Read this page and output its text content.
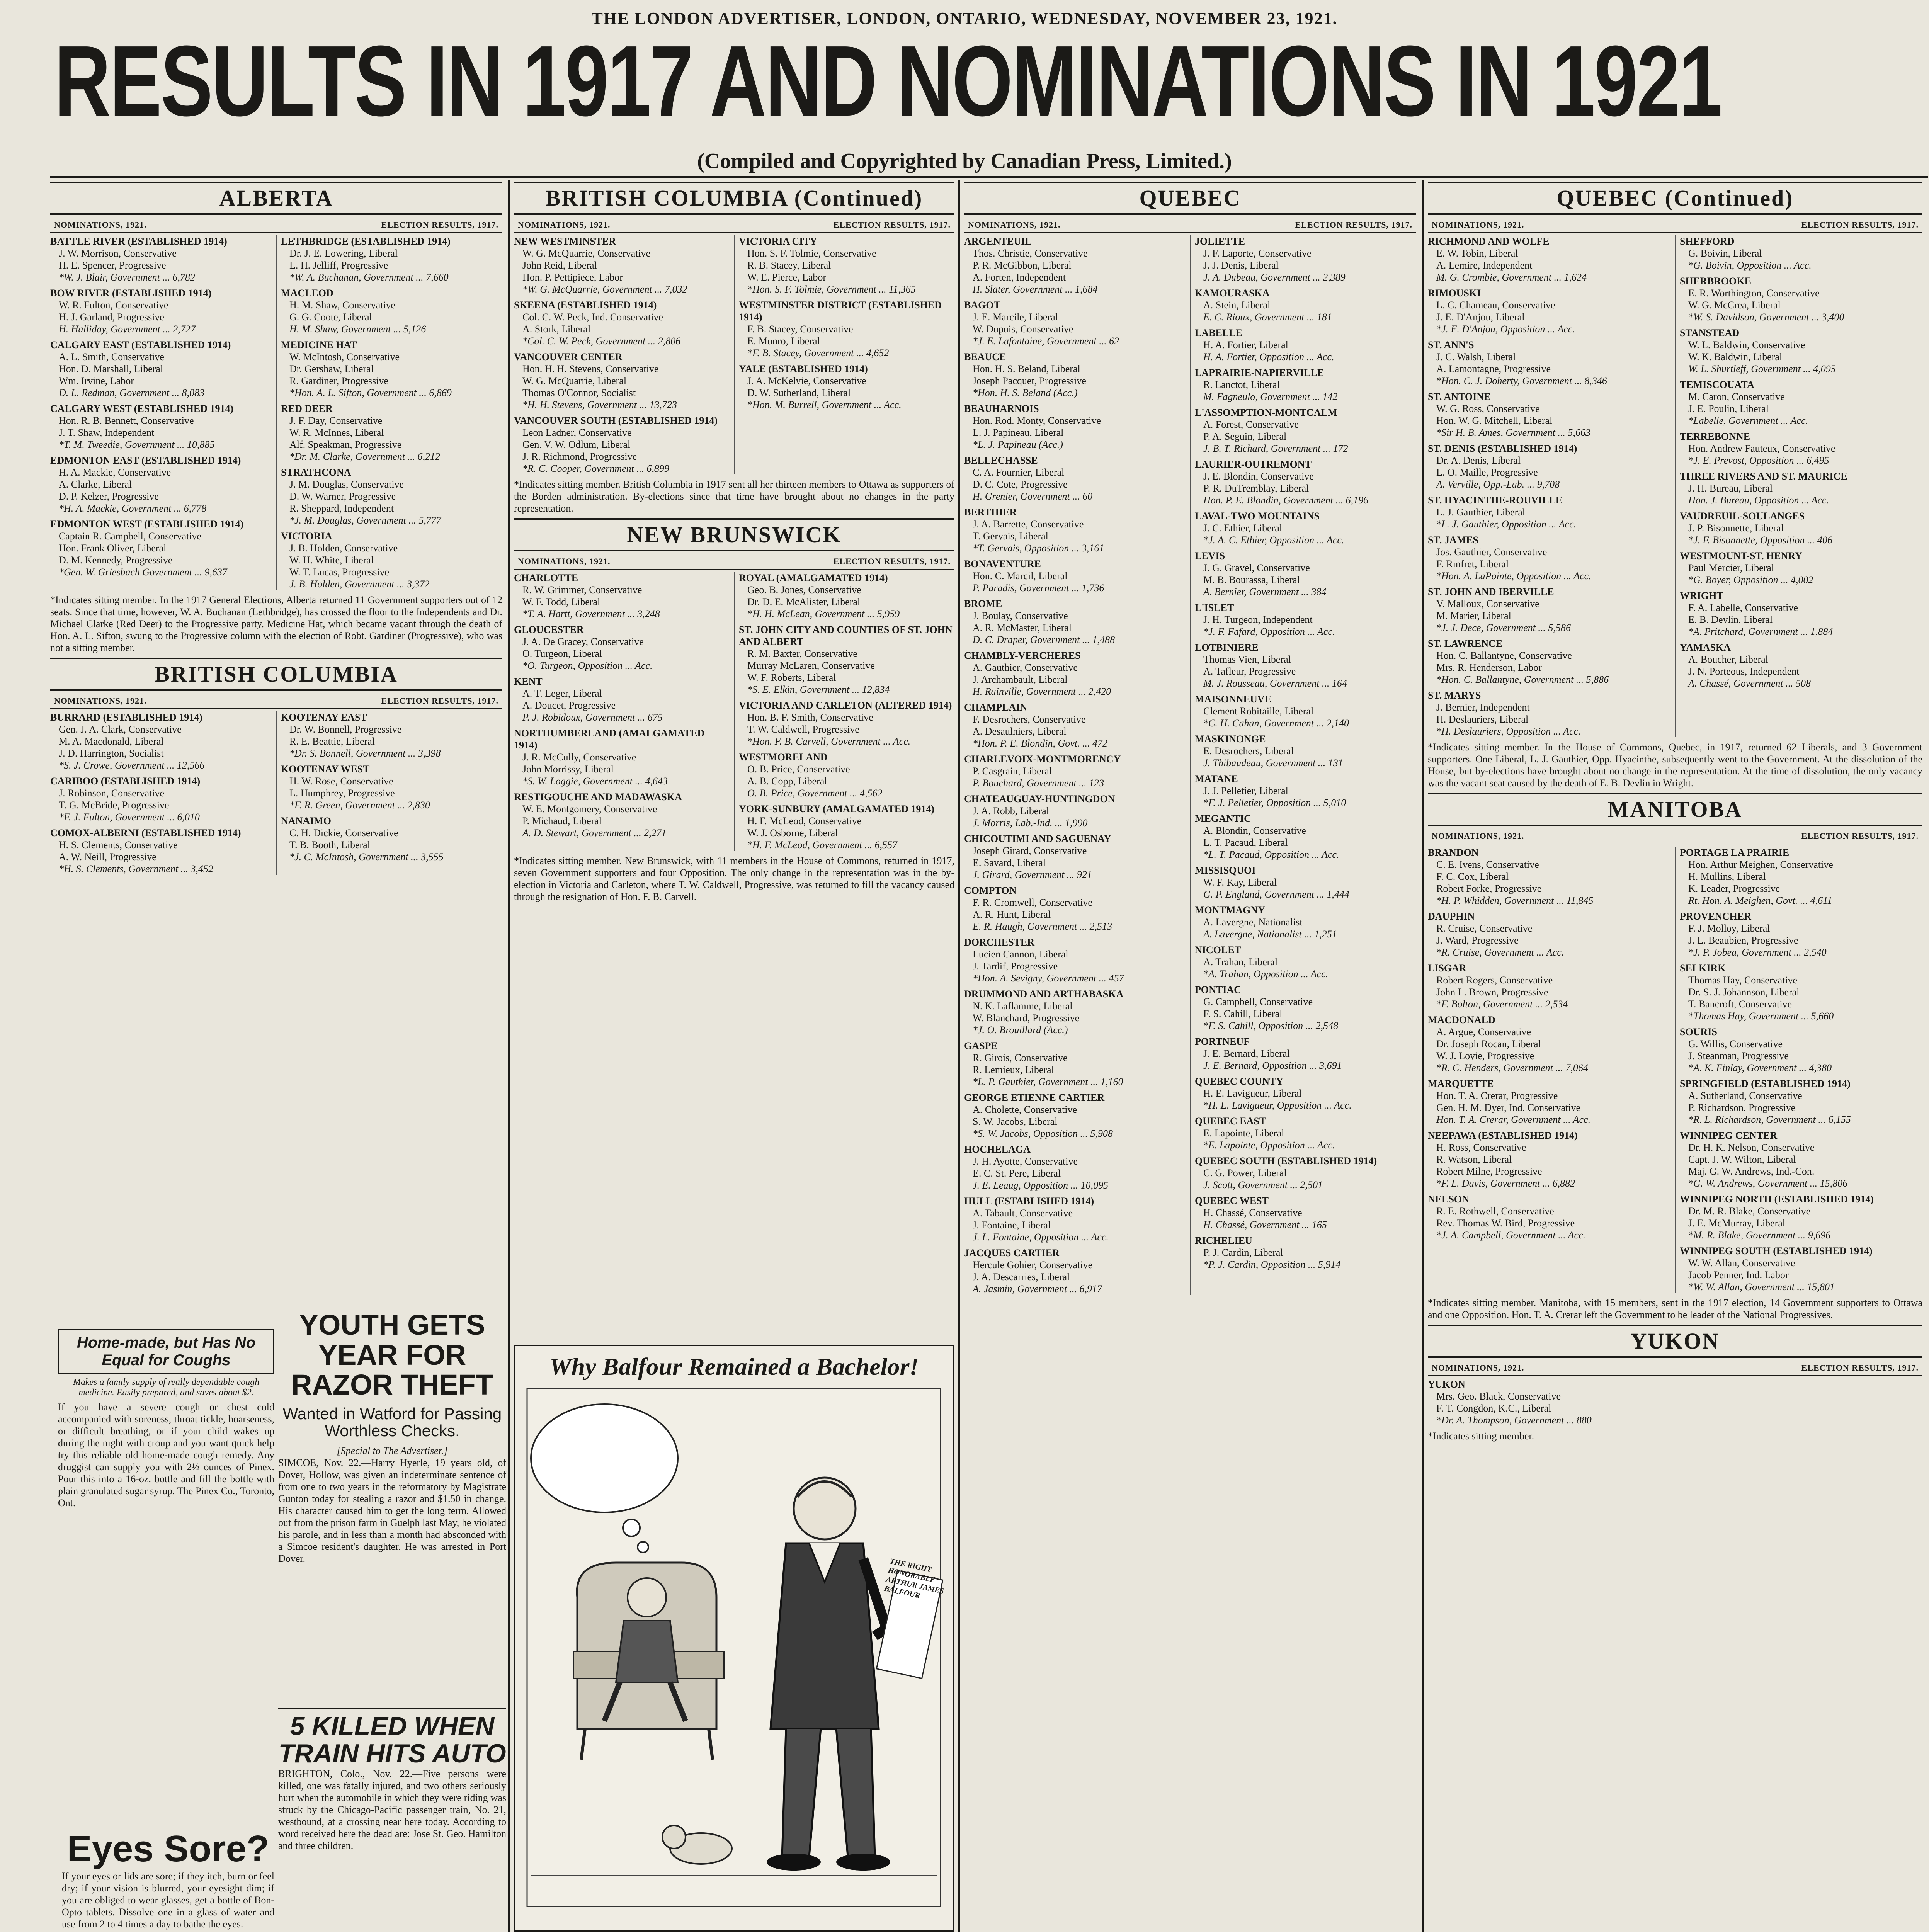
THE LONDON ADVERTISER, LONDON, ONTARIO, WEDNESDAY, NOVEMBER 23, 1921.
RESULTS IN 1917 AND NOMINATIONS IN 1921
(Compiled and Copyrighted by Canadian Press, Limited.)
ALBERTA
NOMINATIONS, 1921.	ELECTION RESULTS, 1917.
BATTLE RIVER (ESTABLISHED 1914)
J. W. Morrison, Conservative
H. E. Spencer, Progressive
*W. J. Blair, Government ... 6,782
BOW RIVER (ESTABLISHED 1914)
W. R. Fulton, Conservative
H. J. Garland, Progressive
H. Halliday, Government ... 2,727
CALGARY EAST (ESTABLISHED 1914)
A. L. Smith, Conservative
Hon. D. Marshall, Liberal
Wm. Irvine, Labor
D. L. Redman, Government ... 8,083
CALGARY WEST (ESTABLISHED 1914)
Hon. R. B. Bennett, Conservative
J. T. Shaw, Independent
*T. M. Tweedie, Government ... 10,885
EDMONTON EAST (ESTABLISHED 1914)
H. A. Mackie, Conservative
A. Clarke, Liberal
D. P. Kelzer, Progressive
*H. A. Mackie, Government ... 6,778
EDMONTON WEST (ESTABLISHED 1914)
Captain R. Campbell, Conservative
Hon. Frank Oliver, Liberal
D. M. Kennedy, Progressive
*Gen. W. Griesbach Government ... 9,637
LETHBRIDGE (ESTABLISHED 1914)
Dr. J. E. Lowering, Liberal
L. H. Jelliff, Progressive
*W. A. Buchanan, Government ... 7,660
MACLEOD
H. M. Shaw, Conservative
G. G. Coote, Liberal
H. M. Shaw, Government ... 5,126
MEDICINE HAT
W. McIntosh, Conservative
Dr. Gershaw, Liberal
R. Gardiner, Progressive
*Hon. A. L. Sifton, Government ... 6,869
RED DEER
J. F. Day, Conservative
W. R. McInnes, Liberal
Alf. Speakman, Progressive
*Dr. M. Clarke, Government ... 6,212
STRATHCONA
J. M. Douglas, Conservative
D. W. Warner, Progressive
R. Sheppard, Independent
*J. M. Douglas, Government ... 5,777
VICTORIA
J. B. Holden, Conservative
W. H. White, Liberal
W. T. Lucas, Progressive
J. B. Holden, Government ... 3,372
*Indicates sitting member. In the 1917 General Elections, Alberta returned 11 Government supporters out of 12 seats. Since that time, however, W. A. Buchanan (Lethbridge), has crossed the floor to the Independents and Dr. Michael Clarke (Red Deer) to the Progressive party. Medicine Hat, which became vacant through the death of Hon. A. L. Sifton, swung to the Progressive column with the election of Robt. Gardiner (Progressive), who was not a sitting member.
BRITISH COLUMBIA
NOMINATIONS, 1921.	ELECTION RESULTS, 1917.
BURRARD (ESTABLISHED 1914)
Gen. J. A. Clark, Conservative
M. A. Macdonald, Liberal
J. D. Harrington, Socialist
*S. J. Crowe, Government ... 12,566
CARIBOO (ESTABLISHED 1914)
J. Robinson, Conservative
T. G. McBride, Progressive
*F. J. Fulton, Government ... 6,010
COMOX-ALBERNI (ESTABLISHED 1914)
H. S. Clements, Conservative
A. W. Neill, Progressive
*H. S. Clements, Government ... 3,452
KOOTENAY EAST
Dr. W. Bonnell, Progressive
R. E. Beattie, Liberal
*Dr. S. Bonnell, Government ... 3,398
KOOTENAY WEST
H. W. Rose, Conservative
L. Humphrey, Progressive
*F. R. Green, Government ... 2,830
NANAIMO
C. H. Dickie, Conservative
T. B. Booth, Liberal
*J. C. McIntosh, Government ... 3,555
BRITISH COLUMBIA (Continued)
NOMINATIONS, 1921.	ELECTION RESULTS, 1917.
NEW WESTMINSTER
W. G. McQuarrie, Conservative
John Reid, Liberal
Hon. P. Pettipiece, Labor
*W. G. McQuarrie, Government ... 7,032
SKEENA (ESTABLISHED 1914)
Col. C. W. Peck, Ind. Conservative
A. Stork, Liberal
*Col. C. W. Peck, Government ... 2,806
VANCOUVER CENTER
Hon. H. H. Stevens, Conservative
W. G. McQuarrie, Liberal
Thomas O'Connor, Socialist
*H. H. Stevens, Government ... 13,723
VANCOUVER SOUTH (ESTABLISHED 1914)
Leon Ladner, Conservative
Gen. V. W. Odlum, Liberal
J. R. Richmond, Progressive
*R. C. Cooper, Government ... 6,899
VICTORIA CITY
Hon. S. F. Tolmie, Conservative
R. B. Stacey, Liberal
W. E. Pierce, Labor
*Hon. S. F. Tolmie, Government ... 11,365
WESTMINSTER DISTRICT (ESTABLISHED 1914)
F. B. Stacey, Conservative
E. Munro, Liberal
*F. B. Stacey, Government ... 4,652
YALE (ESTABLISHED 1914)
J. A. McKelvie, Conservative
D. W. Sutherland, Liberal
*Hon. M. Burrell, Government ... Acc.
*Indicates sitting member. British Columbia in 1917 sent all her thirteen members to Ottawa as supporters of the Borden administration. By-elections since that time have brought about no changes in the party representation.
NEW BRUNSWICK
NOMINATIONS, 1921.	ELECTION RESULTS, 1917.
CHARLOTTE
R. W. Grimmer, Conservative
W. F. Todd, Liberal
*T. A. Hartt, Government ... 3,248
GLOUCESTER
J. A. De Gracey, Conservative
O. Turgeon, Liberal
*O. Turgeon, Opposition ... Acc.
KENT
A. T. Leger, Liberal
A. Doucet, Progressive
P. J. Robidoux, Government ... 675
NORTHUMBERLAND (AMALGAMATED 1914)
J. R. McCully, Conservative
John Morrissy, Liberal
*S. W. Loggie, Government ... 4,643
RESTIGOUCHE AND MADAWASKA
W. E. Montgomery, Conservative
P. Michaud, Liberal
A. D. Stewart, Government ... 2,271
ROYAL (AMALGAMATED 1914)
Geo. B. Jones, Conservative
Dr. D. E. McAlister, Liberal
*H. H. McLean, Government ... 5,959
ST. JOHN CITY AND COUNTIES OF ST. JOHN AND ALBERT
R. M. Baxter, Conservative
Murray McLaren, Conservative
W. F. Roberts, Liberal
*S. E. Elkin, Government ... 12,834
VICTORIA AND CARLETON (ALTERED 1914)
Hon. B. F. Smith, Conservative
T. W. Caldwell, Progressive
*Hon. F. B. Carvell, Government ... Acc.
WESTMORELAND
O. B. Price, Conservative
A. B. Copp, Liberal
O. B. Price, Government ... 4,562
YORK-SUNBURY (AMALGAMATED 1914)
H. F. McLeod, Conservative
W. J. Osborne, Liberal
*H. F. McLeod, Government ... 6,557
*Indicates sitting member. New Brunswick, with 11 members in the House of Commons, returned in 1917, seven Government supporters and four Opposition. The only change in the representation was in the by-election in Victoria and Carleton, where T. W. Caldwell, Progressive, was returned to fill the vacancy caused through the resignation of Hon. F. B. Carvell.
QUEBEC
NOMINATIONS, 1921.	ELECTION RESULTS, 1917.
ARGENTEUIL
Thos. Christie, Conservative
P. R. McGibbon, Liberal
A. Forten, Independent
H. Slater, Government ... 1,684
BAGOT
J. E. Marcile, Liberal
W. Dupuis, Conservative
*J. E. Lafontaine, Government ... 62
BEAUCE
Hon. H. S. Beland, Liberal
Joseph Pacquet, Progressive
*Hon. H. S. Beland (Acc.)
BEAUHARNOIS
Hon. Rod. Monty, Conservative
L. J. Papineau, Liberal
*L. J. Papineau (Acc.)
BELLECHASSE
C. A. Fournier, Liberal
D. C. Cote, Progressive
H. Grenier, Government ... 60
BERTHIER
J. A. Barrette, Conservative
T. Gervais, Liberal
*T. Gervais, Opposition ... 3,161
BONAVENTURE
Hon. C. Marcil, Liberal
P. Paradis, Government ... 1,736
BROME
J. Boulay, Conservative
A. R. McMaster, Liberal
D. C. Draper, Government ... 1,488
CHAMBLY-VERCHERES
A. Gauthier, Conservative
J. Archambault, Liberal
H. Rainville, Government ... 2,420
CHAMPLAIN
F. Desrochers, Conservative
A. Desaulniers, Liberal
*Hon. P. E. Blondin, Govt. ... 472
CHARLEVOIX-MONTMORENCY
P. Casgrain, Liberal
P. Bouchard, Government ... 123
CHATEAUGUAY-HUNTINGDON
J. A. Robb, Liberal
J. Morris, Lab.-Ind. ... 1,990
CHICOUTIMI AND SAGUENAY
Joseph Girard, Conservative
E. Savard, Liberal
J. Girard, Government ... 921
COMPTON
F. R. Cromwell, Conservative
A. R. Hunt, Liberal
E. R. Haugh, Government ... 2,513
DORCHESTER
Lucien Cannon, Liberal
J. Tardif, Progressive
*Hon. A. Sevigny, Government ... 457
DRUMMOND AND ARTHABASKA
N. K. Laflamme, Liberal
W. Blanchard, Progressive
*J. O. Brouillard (Acc.)
GASPE
R. Girois, Conservative
R. Lemieux, Liberal
*L. P. Gauthier, Government ... 1,160
GEORGE ETIENNE CARTIER
A. Cholette, Conservative
S. W. Jacobs, Liberal
*S. W. Jacobs, Opposition ... 5,908
HOCHELAGA
J. H. Ayotte, Conservative
E. C. St. Pere, Liberal
J. E. Leaug, Opposition ... 10,095
HULL (ESTABLISHED 1914)
A. Tabault, Conservative
J. Fontaine, Liberal
J. L. Fontaine, Opposition ... Acc.
JACQUES CARTIER
Hercule Gohier, Conservative
J. A. Descarries, Liberal
A. Jasmin, Government ... 6,917
JOLIETTE
J. F. Laporte, Conservative
J. J. Denis, Liberal
J. A. Dubeau, Government ... 2,389
KAMOURASKA
A. Stein, Liberal
E. C. Rioux, Government ... 181
LABELLE
H. A. Fortier, Liberal
H. A. Fortier, Opposition ... Acc.
LAPRAIRIE-NAPIERVILLE
R. Lanctot, Liberal
M. Fagneulo, Government ... 142
L'ASSOMPTION-MONTCALM
A. Forest, Conservative
P. A. Seguin, Liberal
J. B. T. Richard, Government ... 172
LAURIER-OUTREMONT
J. E. Blondin, Conservative
P. R. DuTremblay, Liberal
Hon. P. E. Blondin, Government ... 6,196
LAVAL-TWO MOUNTAINS
J. C. Ethier, Liberal
*J. A. C. Ethier, Opposition ... Acc.
LEVIS
J. G. Gravel, Conservative
M. B. Bourassa, Liberal
A. Bernier, Government ... 384
L'ISLET
J. H. Turgeon, Independent
*J. F. Fafard, Opposition ... Acc.
LOTBINIERE
Thomas Vien, Liberal
A. Tafleur, Progressive
M. J. Rousseau, Government ... 164
MAISONNEUVE
Clement Robitaille, Liberal
*C. H. Cahan, Government ... 2,140
MASKINONGE
E. Desrochers, Liberal
J. Thibaudeau, Government ... 131
MATANE
J. J. Pelletier, Liberal
*F. J. Pelletier, Opposition ... 5,010
MEGANTIC
A. Blondin, Conservative
L. T. Pacaud, Liberal
*L. T. Pacaud, Opposition ... Acc.
MISSISQUOI
W. F. Kay, Liberal
G. P. England, Government ... 1,444
MONTMAGNY
A. Lavergne, Nationalist
A. Lavergne, Nationalist ... 1,251
NICOLET
A. Trahan, Liberal
*A. Trahan, Opposition ... Acc.
PONTIAC
G. Campbell, Conservative
F. S. Cahill, Liberal
*F. S. Cahill, Opposition ... 2,548
PORTNEUF
J. E. Bernard, Liberal
J. E. Bernard, Opposition ... 3,691
QUEBEC COUNTY
H. E. Lavigueur, Liberal
*H. E. Lavigueur, Opposition ... Acc.
QUEBEC EAST
E. Lapointe, Liberal
*E. Lapointe, Opposition ... Acc.
QUEBEC SOUTH (ESTABLISHED 1914)
C. G. Power, Liberal
J. Scott, Government ... 2,501
QUEBEC WEST
H. Chassé, Conservative
H. Chassé, Government ... 165
RICHELIEU
P. J. Cardin, Liberal
*P. J. Cardin, Opposition ... 5,914
QUEBEC (Continued)
NOMINATIONS, 1921.	ELECTION RESULTS, 1917.
RICHMOND AND WOLFE
E. W. Tobin, Liberal
A. Lemire, Independent
M. G. Crombie, Government ... 1,624
RIMOUSKI
L. C. Chameau, Conservative
J. E. D'Anjou, Liberal
*J. E. D'Anjou, Opposition ... Acc.
ST. ANN'S
J. C. Walsh, Liberal
A. Lamontagne, Progressive
*Hon. C. J. Doherty, Government ... 8,346
ST. ANTOINE
W. G. Ross, Conservative
Hon. W. G. Mitchell, Liberal
*Sir H. B. Ames, Government ... 5,663
ST. DENIS (ESTABLISHED 1914)
Dr. A. Denis, Liberal
L. O. Maille, Progressive
A. Verville, Opp.-Lab. ... 9,708
ST. HYACINTHE-ROUVILLE
L. J. Gauthier, Liberal
*L. J. Gauthier, Opposition ... Acc.
ST. JAMES
Jos. Gauthier, Conservative
F. Rinfret, Liberal
*Hon. A. LaPointe, Opposition ... Acc.
ST. JOHN AND IBERVILLE
V. Malloux, Conservative
M. Marier, Liberal
*J. J. Dece, Government ... 5,586
ST. LAWRENCE
Hon. C. Ballantyne, Conservative
Mrs. R. Henderson, Labor
*Hon. C. Ballantyne, Government ... 5,886
ST. MARYS
J. Bernier, Independent
H. Deslauriers, Liberal
*H. Deslauriers, Opposition ... Acc.
SHEFFORD
G. Boivin, Liberal
*G. Boivin, Opposition ... Acc.
SHERBROOKE
E. R. Worthington, Conservative
W. G. McCrea, Liberal
*W. S. Davidson, Government ... 3,400
STANSTEAD
W. L. Baldwin, Conservative
W. K. Baldwin, Liberal
W. L. Shurtleff, Government ... 4,095
TEMISCOUATA
M. Caron, Conservative
J. E. Poulin, Liberal
*Labelle, Government ... Acc.
TERREBONNE
Hon. Andrew Fauteux, Conservative
*J. E. Prevost, Opposition ... 6,495
THREE RIVERS AND ST. MAURICE
J. H. Bureau, Liberal
Hon. J. Bureau, Opposition ... Acc.
VAUDREUIL-SOULANGES
J. P. Bisonnette, Liberal
*J. F. Bisonnette, Opposition ... 406
WESTMOUNT-ST. HENRY
Paul Mercier, Liberal
*G. Boyer, Opposition ... 4,002
WRIGHT
F. A. Labelle, Conservative
E. B. Devlin, Liberal
*A. Pritchard, Government ... 1,884
YAMASKA
A. Boucher, Liberal
J. N. Porteous, Independent
A. Chassé, Government ... 508
*Indicates sitting member. In the House of Commons, Quebec, in 1917, returned 62 Liberals, and 3 Government supporters. One Liberal, L. J. Gauthier, Opp. Hyacinthe, subsequently went to the Government. At the dissolution of the House, but by-elections have brought about no change in the representation. At the time of dissolution, the only vacancy was the vacant seat caused by the death of E. B. Devlin in Wright.
MANITOBA
NOMINATIONS, 1921.	ELECTION RESULTS, 1917.
BRANDON
C. E. Ivens, Conservative
F. C. Cox, Liberal
Robert Forke, Progressive
*H. P. Whidden, Government ... 11,845
DAUPHIN
R. Cruise, Conservative
J. Ward, Progressive
*R. Cruise, Government ... Acc.
LISGAR
Robert Rogers, Conservative
John L. Brown, Progressive
*F. Bolton, Government ... 2,534
MACDONALD
A. Argue, Conservative
Dr. Joseph Rocan, Liberal
W. J. Lovie, Progressive
*R. C. Henders, Government ... 7,064
MARQUETTE
Hon. T. A. Crerar, Progressive
Gen. H. M. Dyer, Ind. Conservative
Hon. T. A. Crerar, Government ... Acc.
NEEPAWA (ESTABLISHED 1914)
H. Ross, Conservative
R. Watson, Liberal
Robert Milne, Progressive
*F. L. Davis, Government ... 6,882
NELSON
R. E. Rothwell, Conservative
Rev. Thomas W. Bird, Progressive
*J. A. Campbell, Government ... Acc.
PORTAGE LA PRAIRIE
Hon. Arthur Meighen, Conservative
H. Mullins, Liberal
K. Leader, Progressive
Rt. Hon. A. Meighen, Govt. ... 4,611
PROVENCHER
F. J. Molloy, Liberal
J. L. Beaubien, Progressive
*J. P. Jobea, Government ... 2,540
SELKIRK
Thomas Hay, Conservative
Dr. S. J. Johannson, Liberal
T. Bancroft, Conservative
*Thomas Hay, Government ... 5,660
SOURIS
G. Willis, Conservative
J. Steanman, Progressive
*A. K. Finlay, Government ... 4,380
SPRINGFIELD (ESTABLISHED 1914)
A. Sutherland, Conservative
P. Richardson, Progressive
*R. L. Richardson, Government ... 6,155
WINNIPEG CENTER
Dr. H. K. Nelson, Conservative
Capt. J. W. Wilton, Liberal
Maj. G. W. Andrews, Ind.-Con.
*G. W. Andrews, Government ... 15,806
WINNIPEG NORTH (ESTABLISHED 1914)
Dr. M. R. Blake, Conservative
J. E. McMurray, Liberal
*M. R. Blake, Government ... 9,696
WINNIPEG SOUTH (ESTABLISHED 1914)
W. W. Allan, Conservative
Jacob Penner, Ind. Labor
*W. W. Allan, Government ... 15,801
*Indicates sitting member. Manitoba, with 15 members, sent in the 1917 election, 14 Government supporters to Ottawa and one Opposition. Hon. T. A. Crerar left the Government to be leader of the National Progressives.
YUKON
NOMINATIONS, 1921.	ELECTION RESULTS, 1917.
YUKON
Mrs. Geo. Black, Conservative
F. T. Congdon, K.C., Liberal
*Dr. A. Thompson, Government ... 880
*Indicates sitting member.
Why Balfour Remained a Bachelor!
THE RIGHT HONORABLE ARTHUR JAMES BALFOUR
YOUTH GETS YEAR FOR RAZOR THEFT
Wanted in Watford for Passing Worthless Checks.
[Special to The Advertiser.]
SIMCOE, Nov. 22.—Harry Hyerle, 19 years old, of Dover, Hollow, was given an indeterminate sentence of from one to two years in the reformatory by Magistrate Gunton today for stealing a razor and $1.50 in change. His character caused him to get the long term. Allowed out from the prison farm in Guelph last May, he violated his parole, and in less than a month had absconded with a Simcoe resident's daughter. He was arrested in Port Dover.
5 KILLED WHEN TRAIN HITS AUTO
BRIGHTON, Colo., Nov. 22.—Five persons were killed, one was fatally injured, and two others seriously hurt when the automobile in which they were riding was struck by the Chicago-Pacific passenger train, No. 21, westbound, at a crossing near here today. According to word received here the dead are: Jose St. Geo. Hamilton and three children.
Home-made, but Has No Equal for Coughs
Makes a family supply of really dependable cough medicine. Easily prepared, and saves about $2.
If you have a severe cough or chest cold accompanied with soreness, throat tickle, hoarseness, or difficult breathing, or if your child wakes up during the night with croup and you want quick help try this reliable old home-made cough remedy. Any druggist can supply you with 2½ ounces of Pinex. Pour this into a 16-oz. bottle and fill the bottle with plain granulated sugar syrup. The Pinex Co., Toronto, Ont.
Eyes Sore?
If your eyes or lids are sore; if they itch, burn or feel dry; if your vision is blurred, your eyesight dim; if you are obliged to wear glasses, get a bottle of Bon-Opto tablets. Dissolve one in a glass of water and use from 2 to 4 times a day to bathe the eyes.
